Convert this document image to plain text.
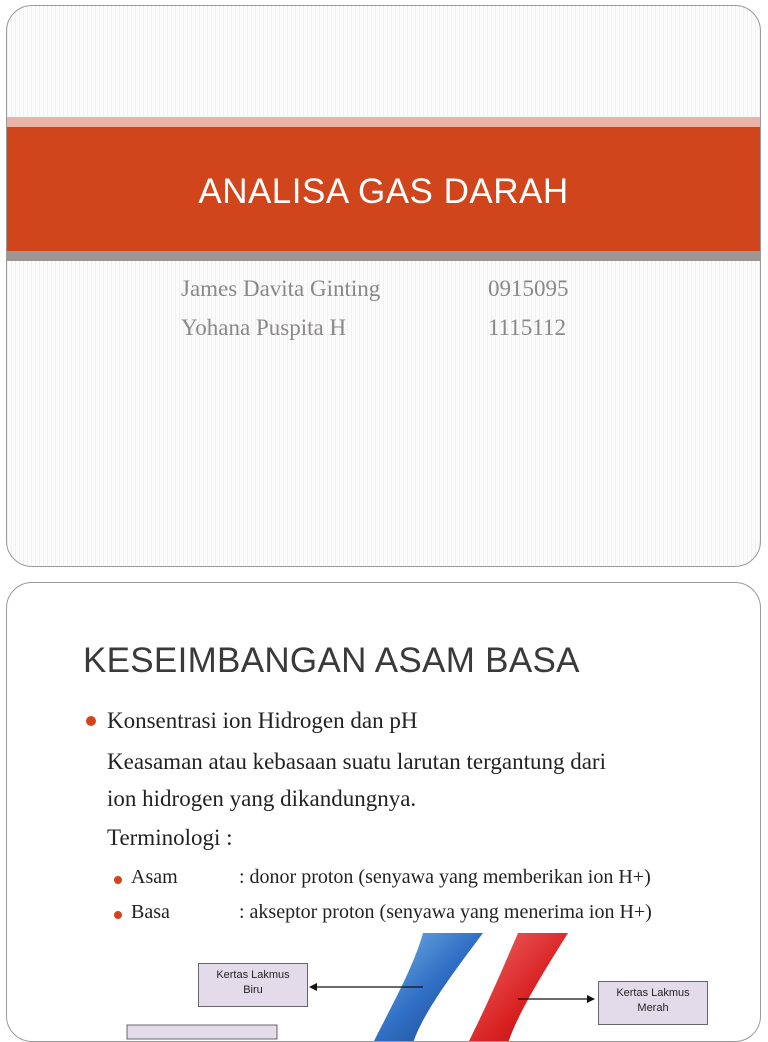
ANALISA GAS DARAH
James Davita Ginting	0915095
Yohana Puspita H	1115112
KESEIMBANGAN ASAM BASA
Konsentrasi ion Hidrogen dan pH
Keasaman atau kebasaan suatu larutan tergantung dari
ion hidrogen yang dikandungnya.
Terminologi :
Asam	: donor proton (senyawa yang memberikan ion H+)
Basa	: akseptor proton (senyawa yang menerima ion H+)
Kertas Lakmus
Biru	Kertas Lakmus
Merah
